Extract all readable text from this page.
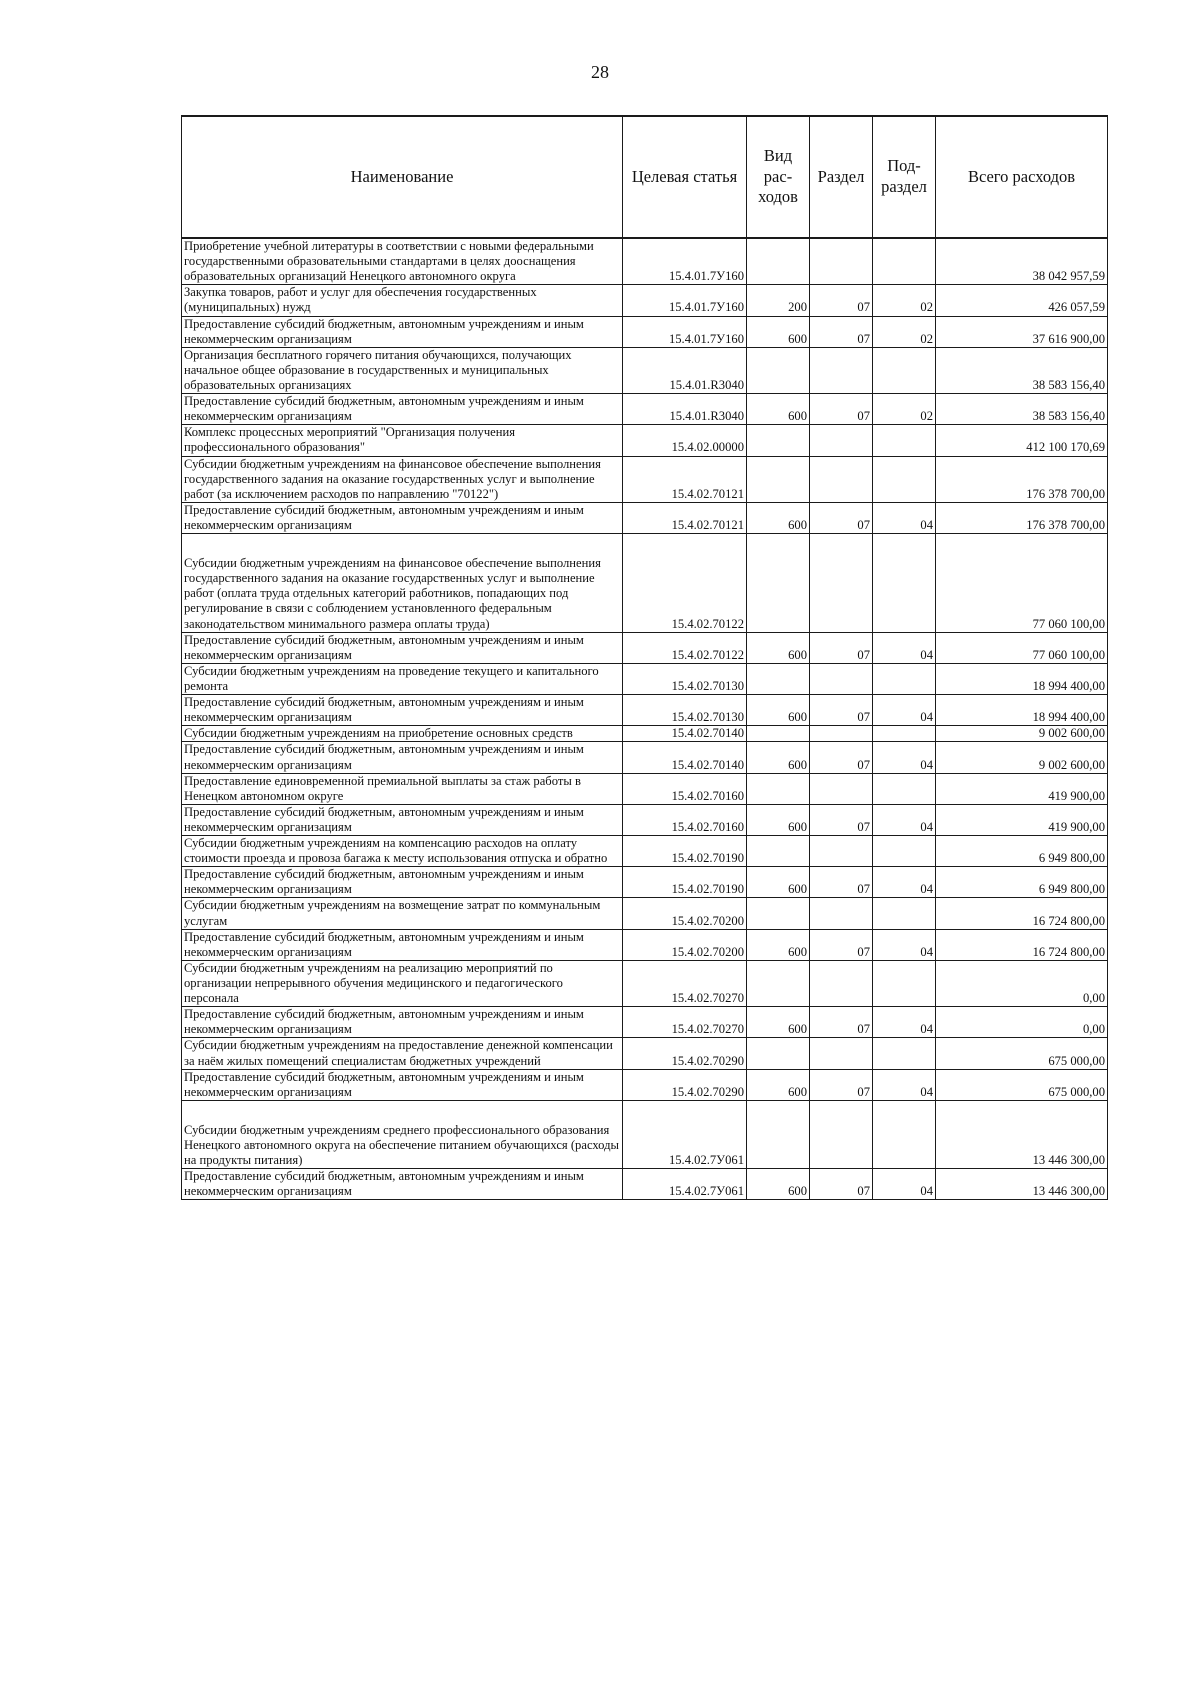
28
Наименование	Целевая статья	Вид рас- ходов	Раздел	Под- раздел	Всего расходов
Приобретение учебной литературы в соответствии с новыми федеральными государственными образовательными стандартами в целях дооснащения образовательных организаций Ненецкого автономного округа	15.4.01.7У160				38 042 957,59
Закупка товаров, работ и услуг для обеспечения государственных (муниципальных) нужд	15.4.01.7У160	200	07	02	426 057,59
Предоставление субсидий бюджетным, автономным учреждениям и иным некоммерческим организациям	15.4.01.7У160	600	07	02	37 616 900,00
Организация бесплатного горячего питания обучающихся, получающих начальное общее образование в государственных и муниципальных образовательных организациях	15.4.01.R3040				38 583 156,40
Предоставление субсидий бюджетным, автономным учреждениям и иным некоммерческим организациям	15.4.01.R3040	600	07	02	38 583 156,40
Комплекс процессных мероприятий "Организация получения профессионального образования"	15.4.02.00000				412 100 170,69
Субсидии бюджетным учреждениям на финансовое обеспечение выполнения государственного задания на оказание государственных услуг и выполнение работ (за исключением расходов по направлению "70122")	15.4.02.70121				176 378 700,00
Предоставление субсидий бюджетным, автономным учреждениям и иным некоммерческим организациям	15.4.02.70121	600	07	04	176 378 700,00
Субсидии бюджетным учреждениям на финансовое обеспечение выполнения государственного задания на оказание государственных услуг и выполнение работ (оплата труда отдельных категорий работников, попадающих под регулирование в связи с соблюдением установленного федеральным законодательством минимального размера оплаты труда)	15.4.02.70122				77 060 100,00
Предоставление субсидий бюджетным, автономным учреждениям и иным некоммерческим организациям	15.4.02.70122	600	07	04	77 060 100,00
Субсидии бюджетным учреждениям на проведение текущего и капитального ремонта	15.4.02.70130				18 994 400,00
Предоставление субсидий бюджетным, автономным учреждениям и иным некоммерческим организациям	15.4.02.70130	600	07	04	18 994 400,00
Субсидии бюджетным учреждениям на приобретение основных средств	15.4.02.70140				9 002 600,00
Предоставление субсидий бюджетным, автономным учреждениям и иным некоммерческим организациям	15.4.02.70140	600	07	04	9 002 600,00
Предоставление единовременной премиальной выплаты за стаж работы в Ненецком автономном округе	15.4.02.70160				419 900,00
Предоставление субсидий бюджетным, автономным учреждениям и иным некоммерческим организациям	15.4.02.70160	600	07	04	419 900,00
Субсидии бюджетным учреждениям на компенсацию расходов на оплату стоимости проезда и провоза багажа к месту использования отпуска и обратно	15.4.02.70190				6 949 800,00
Предоставление субсидий бюджетным, автономным учреждениям и иным некоммерческим организациям	15.4.02.70190	600	07	04	6 949 800,00
Субсидии бюджетным учреждениям на возмещение затрат по коммунальным услугам	15.4.02.70200				16 724 800,00
Предоставление субсидий бюджетным, автономным учреждениям и иным некоммерческим организациям	15.4.02.70200	600	07	04	16 724 800,00
Субсидии бюджетным учреждениям на реализацию мероприятий по организации непрерывного обучения медицинского и педагогического персонала	15.4.02.70270				0,00
Предоставление субсидий бюджетным, автономным учреждениям и иным некоммерческим организациям	15.4.02.70270	600	07	04	0,00
Субсидии бюджетным учреждениям на предоставление денежной компенсации за наём жилых помещений специалистам бюджетных учреждений	15.4.02.70290				675 000,00
Предоставление субсидий бюджетным, автономным учреждениям и иным некоммерческим организациям	15.4.02.70290	600	07	04	675 000,00
Субсидии бюджетным учреждениям среднего профессионального образования Ненецкого автономного округа на обеспечение питанием обучающихся (расходы на продукты питания)	15.4.02.7У061				13 446 300,00
Предоставление субсидий бюджетным, автономным учреждениям и иным некоммерческим организациям	15.4.02.7У061	600	07	04	13 446 300,00
